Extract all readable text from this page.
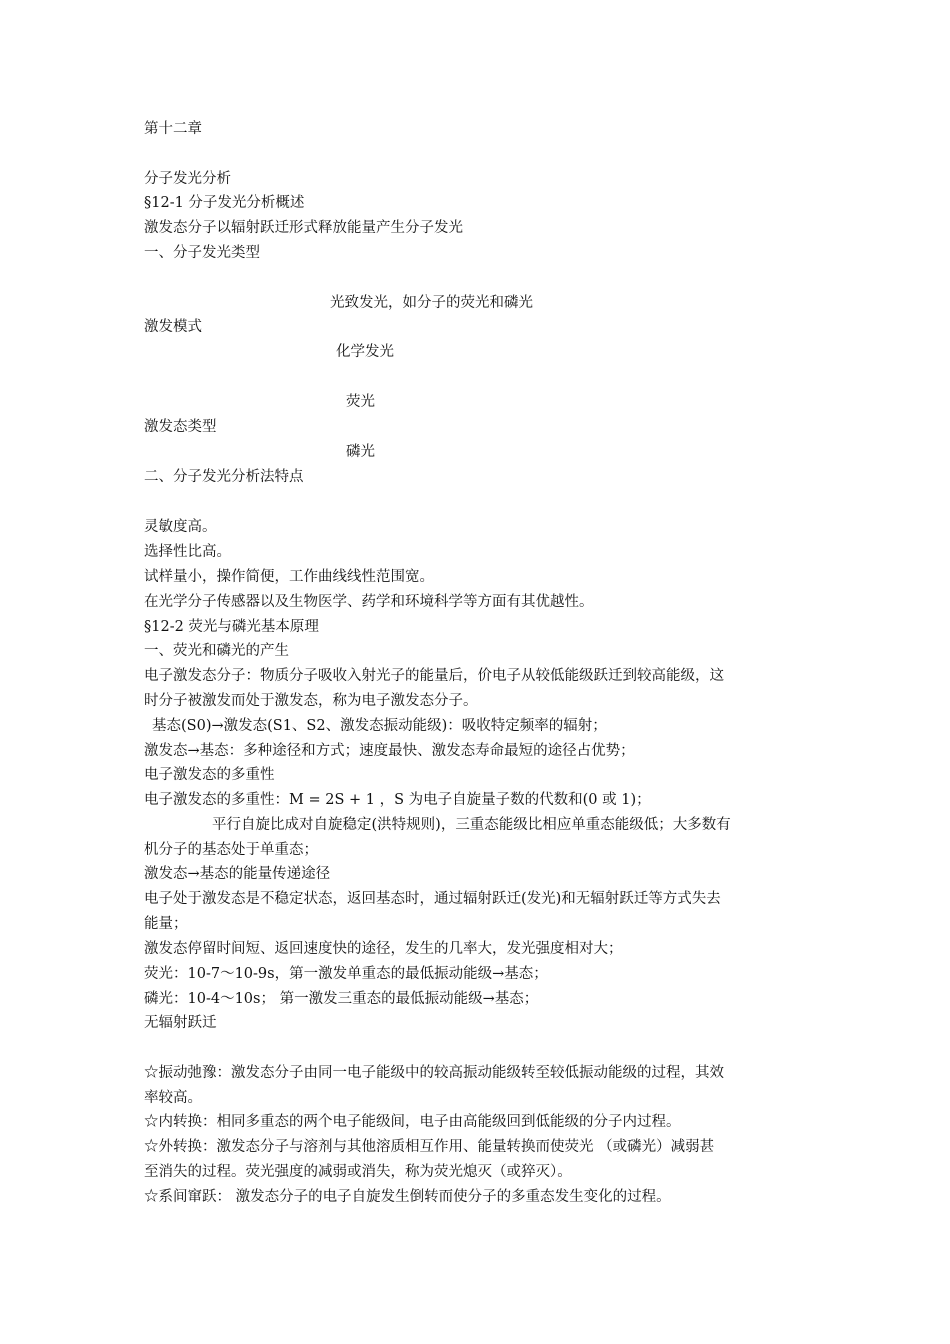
第十二章
分子发光分析
§12-1 分子发光分析概述
激发态分子以辐射跃迁形式释放能量产生分子发光
一、分子发光类型
光致发光，如分子的荧光和磷光
激发模式
化学发光
荧光
激发态类型
磷光
二、分子发光分析法特点
灵敏度高。
选择性比高。
试样量小，操作简便，工作曲线线性范围宽。
在光学分子传感器以及生物医学、药学和环境科学等方面有其优越性。
§12-2 荧光与磷光基本原理
一、荧光和磷光的产生
电子激发态分子：物质分子吸收入射光子的能量后，价电子从较低能级跃迁到较高能级，这
时分子被激发而处于激发态，称为电子激发态分子。
基态(S0)→激发态(S1、S2、激发态振动能级)：吸收特定频率的辐射；
激发态→基态：多种途径和方式；速度最快、激发态寿命最短的途径占优势；
电子激发态的多重性
电子激发态的多重性：M = 2S + 1 ，S 为电子自旋量子数的代数和(0 或 1)；
平行自旋比成对自旋稳定(洪特规则)，三重态能级比相应单重态能级低；大多数有
机分子的基态处于单重态；
激发态→基态的能量传递途径
电子处于激发态是不稳定状态，返回基态时，通过辐射跃迁(发光)和无辐射跃迁等方式失去
能量；
激发态停留时间短、返回速度快的途径，发生的几率大，发光强度相对大；
荧光：10-7～10-9s，第一激发单重态的最低振动能级→基态；
磷光：10-4～10s； 第一激发三重态的最低振动能级→基态；
无辐射跃迁
☆振动弛豫：激发态分子由同一电子能级中的较高振动能级转至较低振动能级的过程，其效
率较高。
☆内转换：相同多重态的两个电子能级间，电子由高能级回到低能级的分子内过程。
☆外转换：激发态分子与溶剂与其他溶质相互作用、能量转换而使荧光 （或磷光）减弱甚
至消失的过程。荧光强度的减弱或消失，称为荧光熄灭（或猝灭）。
☆系间窜跃： 激发态分子的电子自旋发生倒转而使分子的多重态发生变化的过程。
